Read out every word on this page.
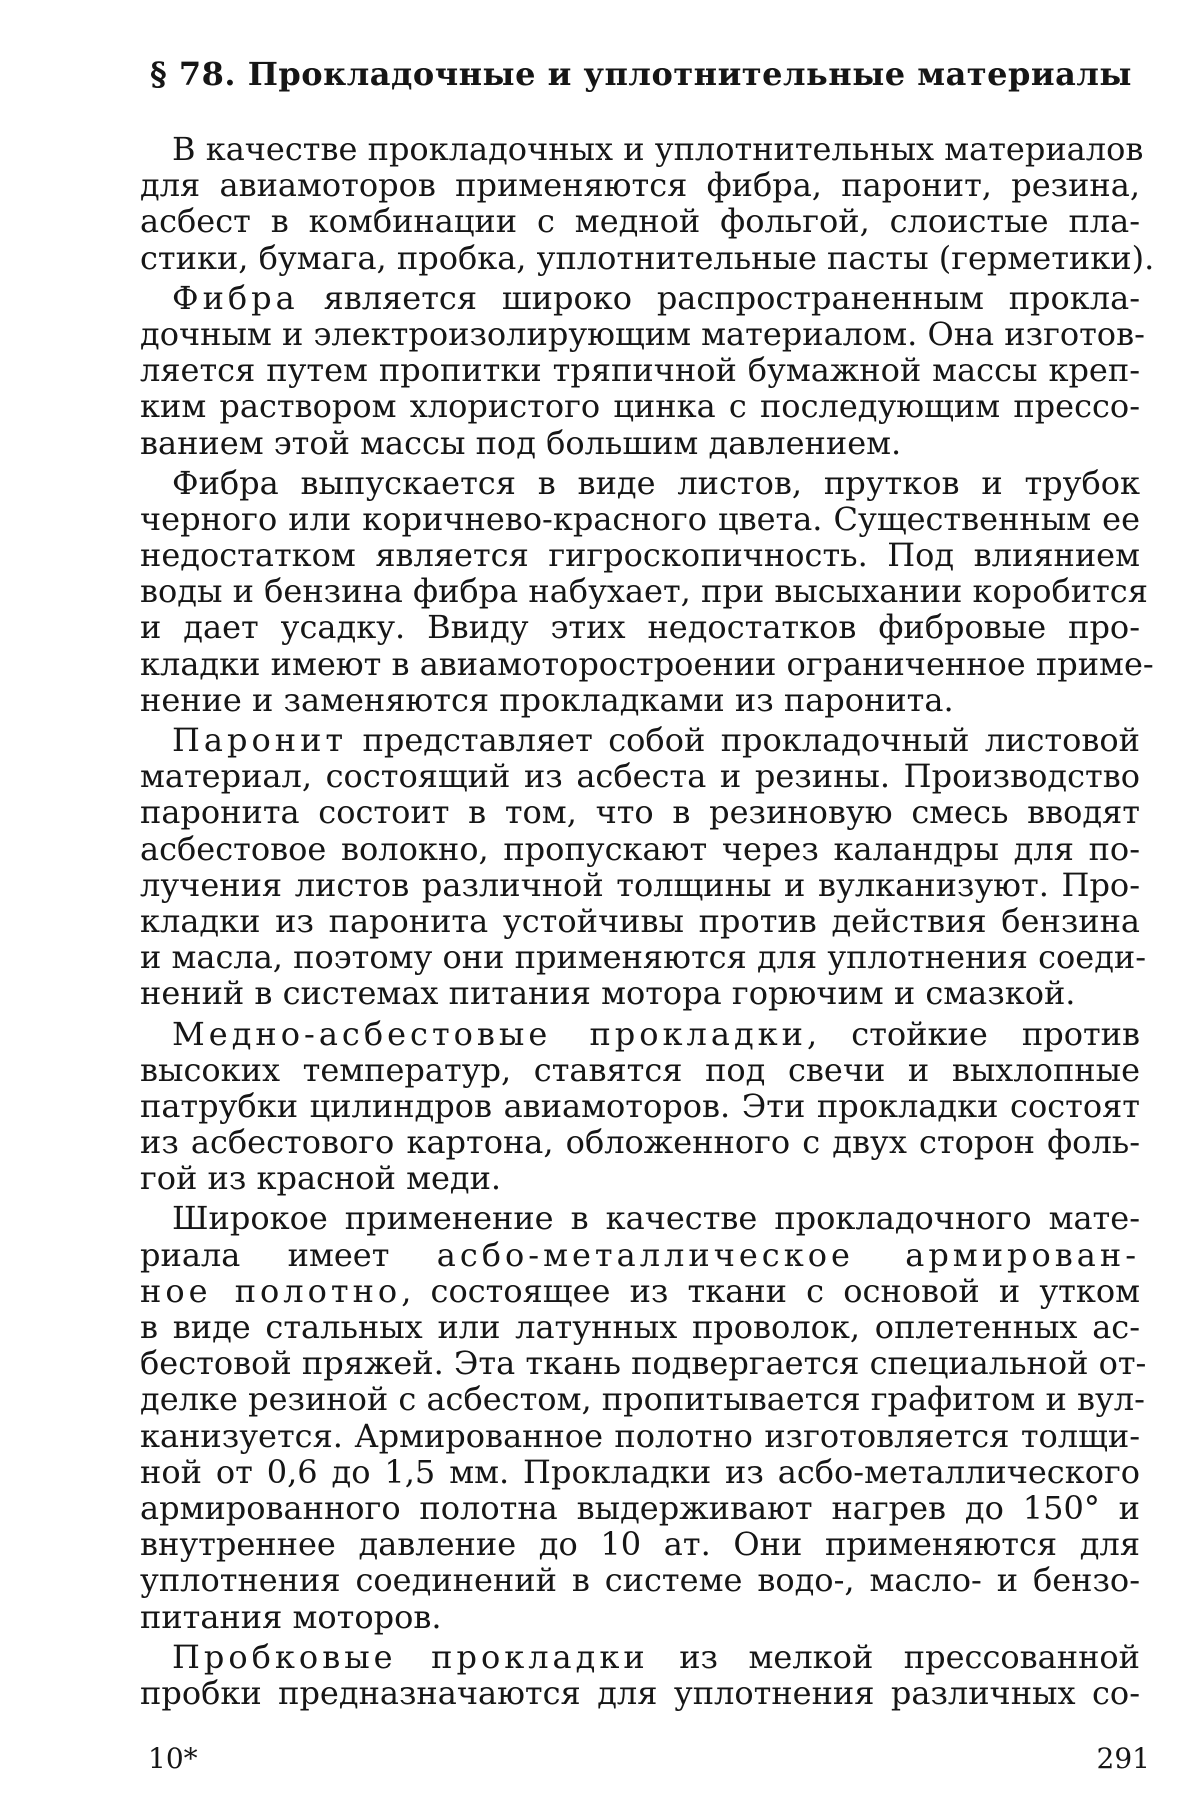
§ 78. Прокладочные и уплотнительные материалы
В качестве прокладочных и уплотнительных материалов
для авиамоторов применяются фибра, паронит, резина,
асбест в комбинации с медной фольгой, слоистые пла-
стики, бумага, пробка, уплотнительные пасты (герметики).
Фибра является широко распространенным прокла-
дочным и электроизолирующим материалом. Она изготов-
ляется путем пропитки тряпичной бумажной массы креп-
ким раствором хлористого цинка с последующим прессо-
ванием этой массы под большим давлением.
Фибра выпускается в виде листов, прутков и трубок
черного или коричнево-красного цвета. Существенным ее
недостатком является гигроскопичность. Под влиянием
воды и бензина фибра набухает, при высыхании коробится
и дает усадку. Ввиду этих недостатков фибровые про-
кладки имеют в авиамоторостроении ограниченное приме-
нение и заменяются прокладками из паронита.
Паронит представляет собой прокладочный листовой
материал, состоящий из асбеста и резины. Производство
паронита состоит в том, что в резиновую смесь вводят
асбестовое волокно, пропускают через каландры для по-
лучения листов различной толщины и вулканизуют. Про-
кладки из паронита устойчивы против действия бензина
и масла, поэтому они применяются для уплотнения соеди-
нений в системах питания мотора горючим и смазкой.
Медно-асбестовые прокладки, стойкие против
высоких температур, ставятся под свечи и выхлопные
патрубки цилиндров авиамоторов. Эти прокладки состоят
из асбестового картона, обложенного с двух сторон фоль-
гой из красной меди.
Широкое применение в качестве прокладочного мате-
риала имеет асбо-металлическое армирован-
ное полотно, состоящее из ткани с основой и утком
в виде стальных или латунных проволок, оплетенных ас-
бестовой пряжей. Эта ткань подвергается специальной от-
делке резиной с асбестом, пропитывается графитом и вул-
канизуется. Армированное полотно изготовляется толщи-
ной от 0,6 до 1,5 мм. Прокладки из асбо-металлического
армированного полотна выдерживают нагрев до 150° и
внутреннее давление до 10 ат. Они применяются для
уплотнения соединений в системе водо-, масло- и бензо-
питания моторов.
Пробковые прокладки из мелкой прессованной
пробки предназначаются для уплотнения различных со-
10*	291
